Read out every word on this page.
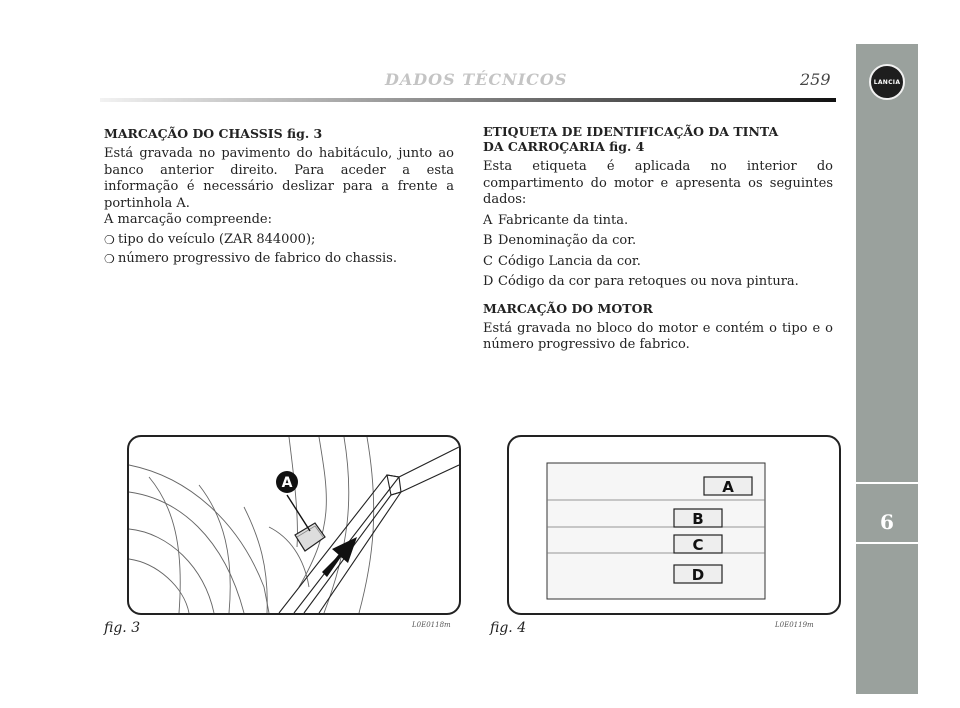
DADOS TÉCNICOS	259	LANCIA
6
MARCAÇÃO DO CHASSIS fig. 3

Está gravada no pavimento do habitáculo, junto ao banco anterior direito. Para aceder a esta informação é necessário deslizar para a frente a portinhola A.

A marcação compreende:
❍ tipo do veículo (ZAR 844000);
❍ número progressivo de fabrico do chassis.
ETIQUETA DE IDENTIFICAÇÃO DA TINTA
DA CARROÇARIA fig. 4

Esta etiqueta é aplicada no interior do compartimento do motor e apresenta os seguintes dados:

A Fabricante da tinta.
B Denominação da cor.
C Código Lancia da cor.
D Código da cor para retoques ou nova pintura.
MARCAÇÃO DO MOTOR

Está gravada no bloco do motor e contém o tipo e o número progressivo de fabrico.

A
fig. 3	L0E0118m
A
B
C
D
fig. 4	L0E0119m
